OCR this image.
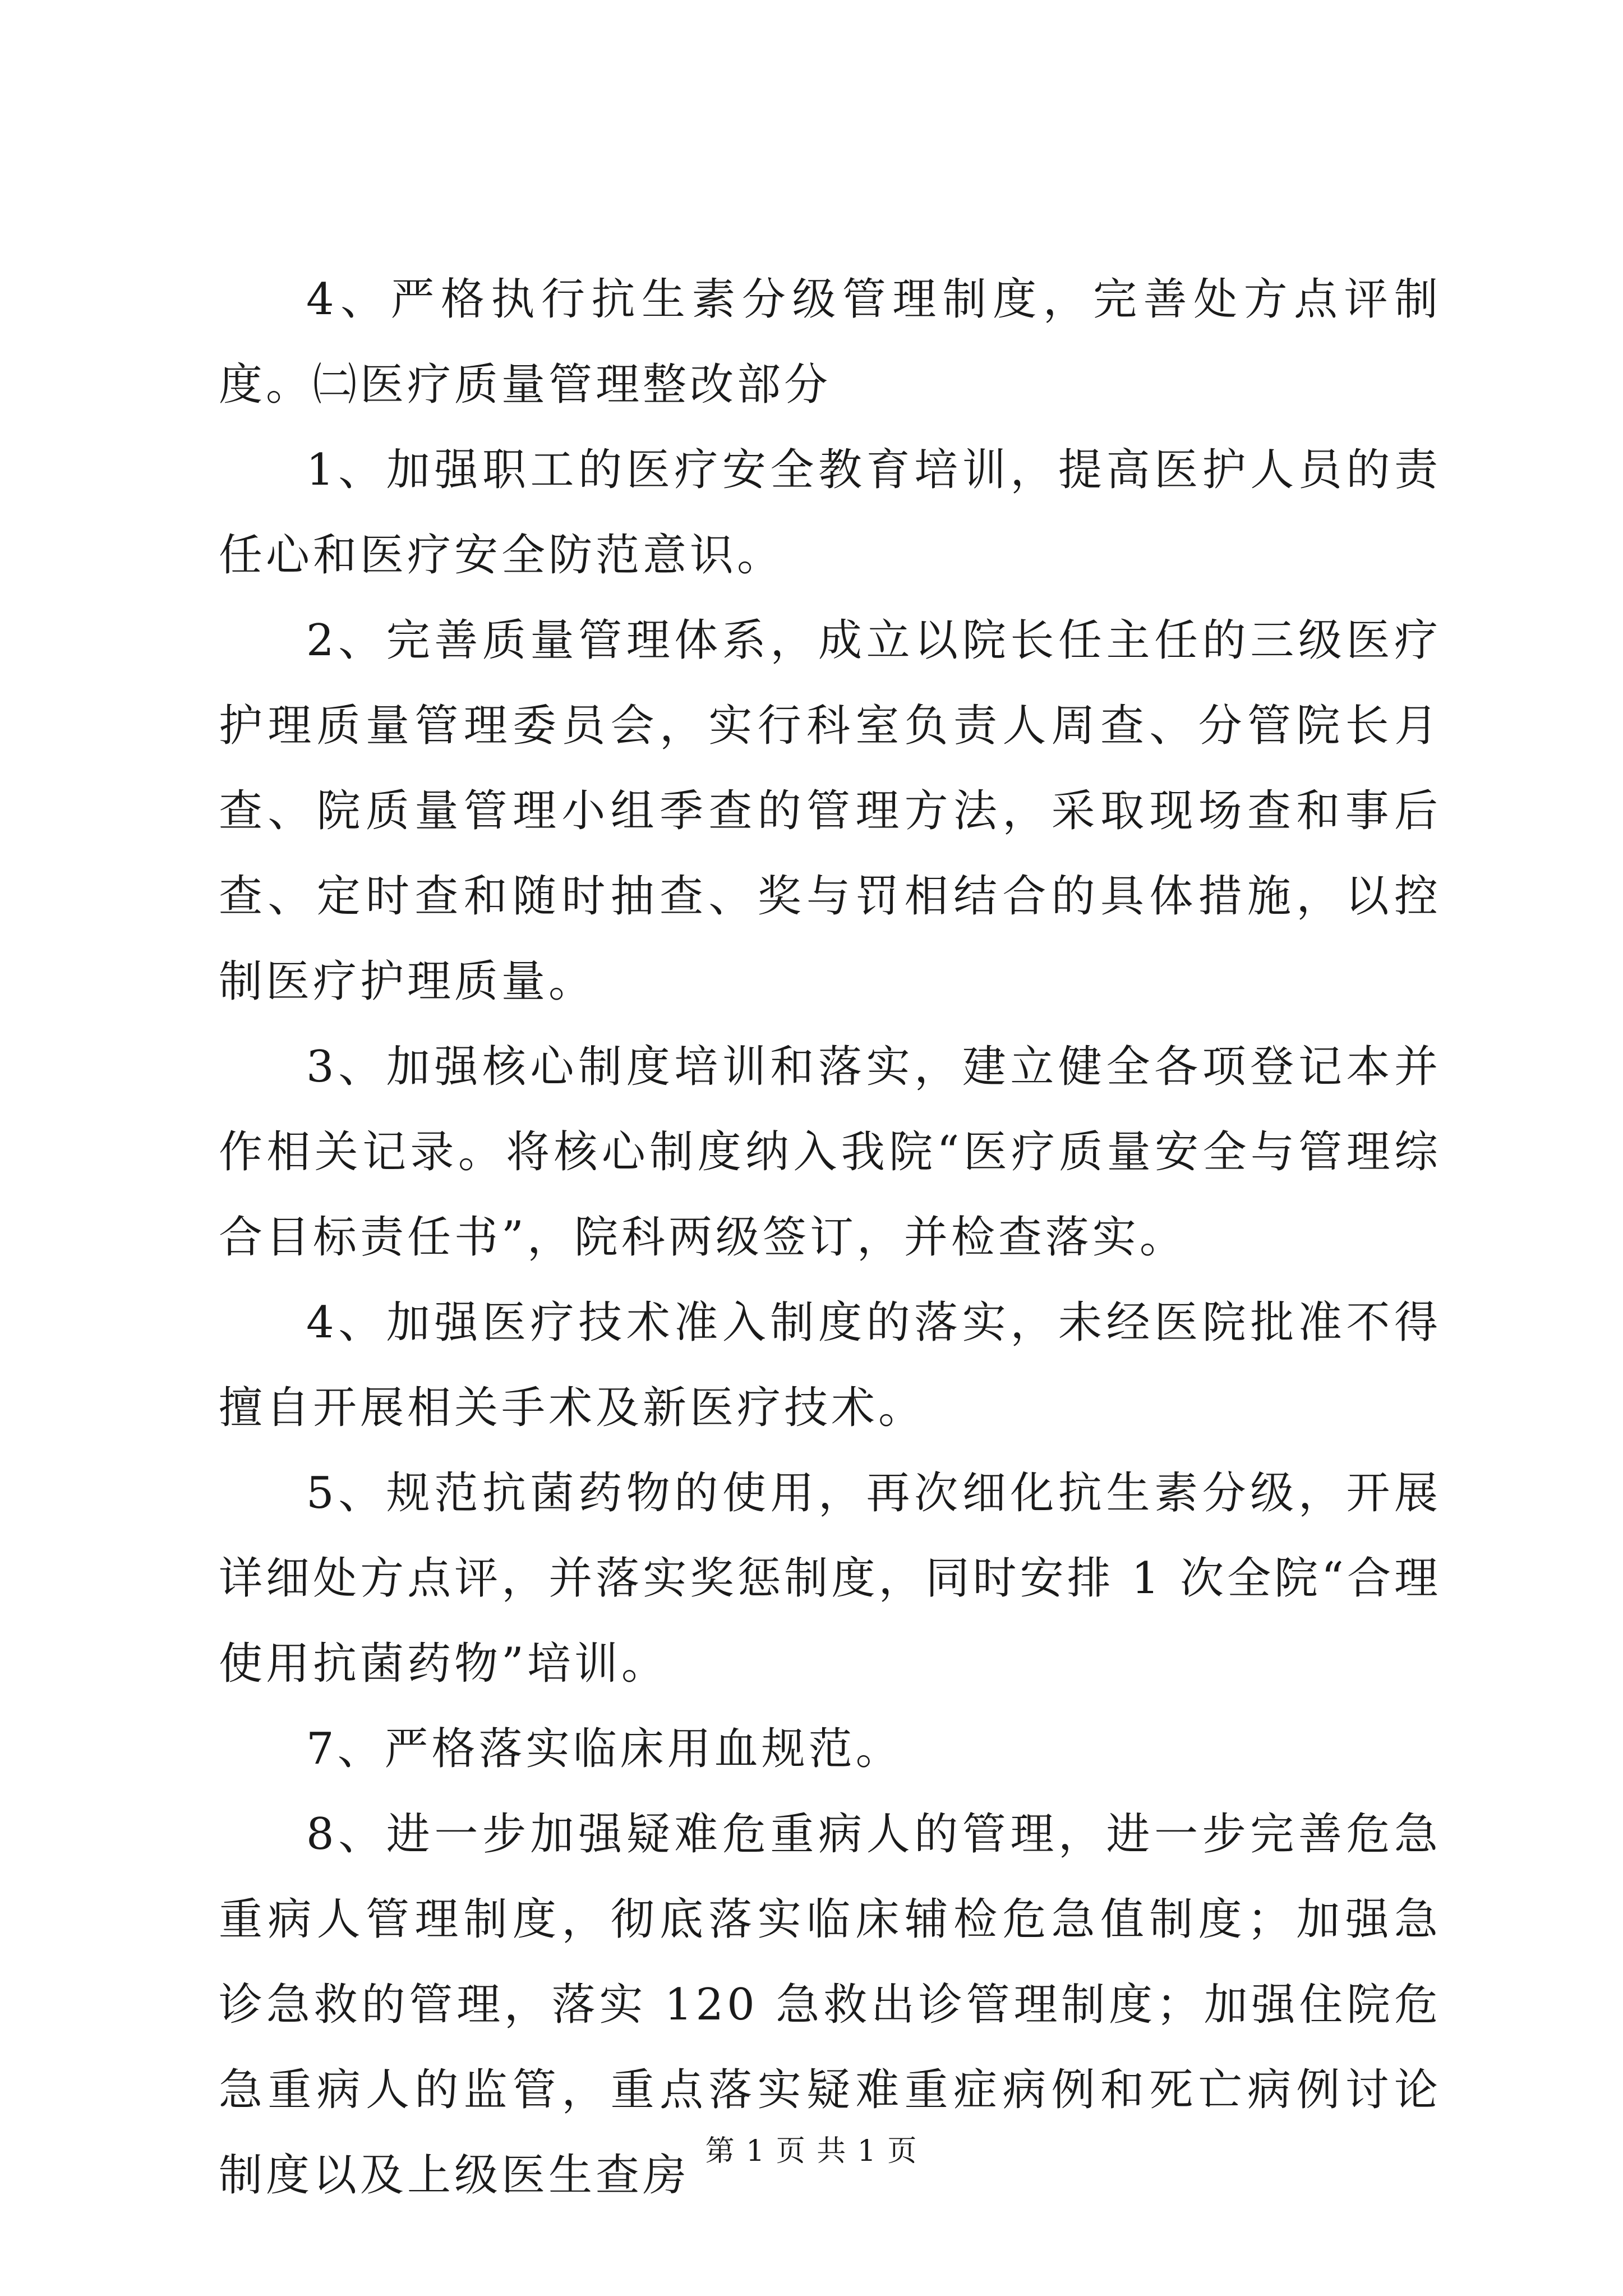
4、严格执行抗生素分级管理制度，完善处方点评制度。㈡医疗质量管理整改部分

1、加强职工的医疗安全教育培训，提高医护人员的责任心和医疗安全防范意识。

2、完善质量管理体系，成立以院长任主任的三级医疗护理质量管理委员会，实行科室负责人周查、分管院长月查、院质量管理小组季查的管理方法，采取现场查和事后查、定时查和随时抽查、奖与罚相结合的具体措施，以控制医疗护理质量。

3、加强核心制度培训和落实，建立健全各项登记本并作相关记录。将核心制度纳入我院“医疗质量安全与管理综合目标责任书”，院科两级签订，并检查落实。

4、加强医疗技术准入制度的落实，未经医院批准不得擅自开展相关手术及新医疗技术。

5、规范抗菌药物的使用，再次细化抗生素分级，开展详细处方点评，并落实奖惩制度，同时安排 1 次全院“合理使用抗菌药物”培训。

7、严格落实临床用血规范。

8、进一步加强疑难危重病人的管理，进一步完善危急重病人管理制度，彻底落实临床辅检危急值制度；加强急诊急救的管理，落实 120 急救出诊管理制度；加强住院危急重病人的监管，重点落实疑难重症病例和死亡病例讨论制度以及上级医生查房 第 1 页 共 1 页
